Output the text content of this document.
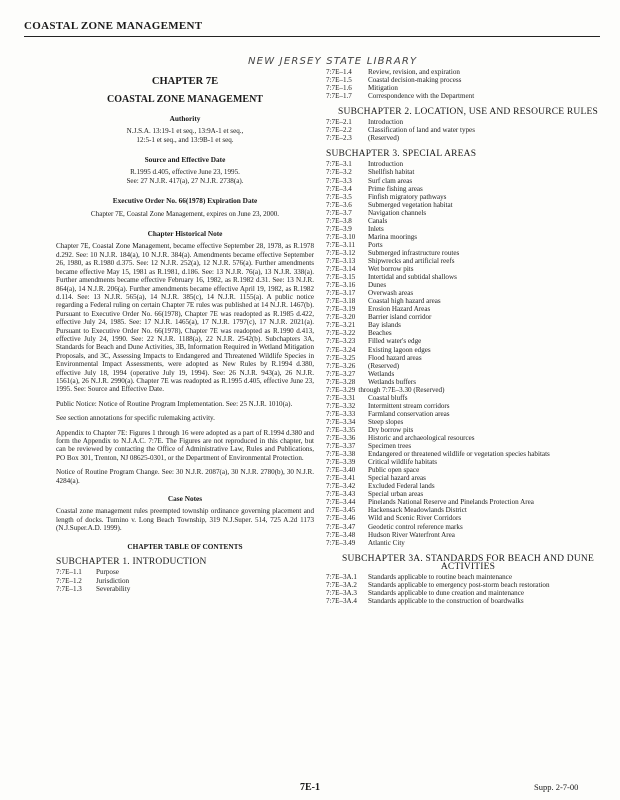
COASTAL ZONE MANAGEMENT
NEW JERSEY STATE LIBRARY
CHAPTER 7E
COASTAL ZONE MANAGEMENT
Authority
N.J.S.A. 13:19-1 et seq., 13:9A-1 et seq.,
12:5-1 et seq., and 13:9B-1 et seq.
Source and Effective Date
R.1995 d.405, effective June 23, 1995.
See: 27 N.J.R. 417(a), 27 N.J.R. 2738(a).
Executive Order No. 66(1978) Expiration Date

Chapter 7E, Coastal Zone Management, expires on June 23, 2000.

Chapter Historical Note

Chapter 7E, Coastal Zone Management, became effective September 28, 1978, as R.1978 d.292. See: 10 N.J.R. 184(a), 10 N.J.R. 384(a). Amendments became effective September 26, 1980, as R.1980 d.375. See: 12 N.J.R. 252(a), 12 N.J.R. 576(a). Further amendments became effective May 15, 1981 as R.1981, d.186. See: 13 N.J.R. 76(a), 13 N.J.R. 338(a). Further amendments became effective February 16, 1982, as R.1982 d.31. See: 13 N.J.R. 864(a), 14 N.J.R. 206(a). Further amendments became effective April 19, 1982, as R.1982 d.114. See: 13 N.J.R. 565(a), 14 N.J.R. 385(c), 14 N.J.R. 1155(a). A public notice regarding a Federal ruling on certain Chapter 7E rules was published at 14 N.J.R. 1467(b). Pursuant to Executive Order No. 66(1978), Chapter 7E was readopted as R.1985 d.422, effective July 24, 1985. See: 17 N.J.R. 1465(a), 17 N.J.R. 1797(c), 17 N.J.R. 2021(a). Pursuant to Executive Order No. 66(1978), Chapter 7E was readopted as R.1990 d.413, effective July 24, 1990. See: 22 N.J.R. 1188(a), 22 N.J.R. 2542(b). Subchapters 3A, Standards for Beach and Dune Activities, 3B, Information Required in Wetland Mitigation Proposals, and 3C, Assessing Impacts to Endangered and Threatened Wildlife Species in Environmental Impact Assessments, were adopted as New Rules by R.1994 d.380, effective July 18, 1994 (operative July 19, 1994). See: 26 N.J.R. 943(a), 26 N.J.R. 1561(a), 26 N.J.R. 2990(a). Chapter 7E was readopted as R.1995 d.405, effective June 23, 1995. See: Source and Effective Date.

Public Notice: Notice of Routine Program Implementation. See: 25 N.J.R. 1010(a).

See section annotations for specific rulemaking activity.

Appendix to Chapter 7E: Figures 1 through 16 were adopted as a part of R.1994 d.380 and form the Appendix to N.J.A.C. 7:7E. The Figures are not reproduced in this chapter, but can be reviewed by contacting the Office of Administrative Law, Rules and Publications, PO Box 301, Trenton, NJ 08625-0301, or the Department of Environmental Protection.

Notice of Routine Program Change. See: 30 N.J.R. 2087(a), 30 N.J.R. 2780(b), 30 N.J.R. 4284(a).

Case Notes

Coastal zone management rules preempted township ordinance governing placement and length of docks. Tumino v. Long Beach Township, 319 N.J.Super. 514, 725 A.2d 1173 (N.J.Super.A.D. 1999).

CHAPTER TABLE OF CONTENTS
SUBCHAPTER 1. INTRODUCTION
7:7E–1.1	Purpose
7:7E–1.2	Jurisdiction
7:7E–1.3	Severability
7:7E–1.4	Review, revision, and expiration
7:7E–1.5	Coastal decision-making process
7:7E–1.6	Mitigation
7:7E–1.7	Correspondence with the Department
SUBCHAPTER 2. LOCATION, USE AND RESOURCE RULES
7:7E–2.1	Introduction
7:7E–2.2	Classification of land and water types
7:7E–2.3	(Reserved)
SUBCHAPTER 3. SPECIAL AREAS
7:7E–3.1	Introduction
7:7E–3.2	Shellfish habitat
7:7E–3.3	Surf clam areas
7:7E–3.4	Prime fishing areas
7:7E–3.5	Finfish migratory pathways
7:7E–3.6	Submerged vegetation habitat
7:7E–3.7	Navigation channels
7:7E–3.8	Canals
7:7E–3.9	Inlets
7:7E–3.10	Marina moorings
7:7E–3.11	Ports
7:7E–3.12	Submerged infrastructure routes
7:7E–3.13	Shipwrecks and artificial reefs
7:7E–3.14	Wet borrow pits
7:7E–3.15	Intertidal and subtidal shallows
7:7E–3.16	Dunes
7:7E–3.17	Overwash areas
7:7E–3.18	Coastal high hazard areas
7:7E–3.19	Erosion Hazard Areas
7:7E–3.20	Barrier island corridor
7:7E–3.21	Bay islands
7:7E–3.22	Beaches
7:7E–3.23	Filled water's edge
7:7E–3.24	Existing lagoon edges
7:7E–3.25	Flood hazard areas
7:7E–3.26	(Reserved)
7:7E–3.27	Wetlands
7:7E–3.28	Wetlands buffers
7:7E–3.29 through 7:7E–3.30 (Reserved)
7:7E–3.31	Coastal bluffs
7:7E–3.32	Intermittent stream corridors
7:7E–3.33	Farmland conservation areas
7:7E–3.34	Steep slopes
7:7E–3.35	Dry borrow pits
7:7E–3.36	Historic and archaeological resources
7:7E–3.37	Specimen trees
7:7E–3.38	Endangered or threatened wildlife or vegetation species habitats
7:7E–3.39	Critical wildlife habitats
7:7E–3.40	Public open space
7:7E–3.41	Special hazard areas
7:7E–3.42	Excluded Federal lands
7:7E–3.43	Special urban areas
7:7E–3.44	Pinelands National Reserve and Pinelands Protection Area
7:7E–3.45	Hackensack Meadowlands District
7:7E–3.46	Wild and Scenic River Corridors
7:7E–3.47	Geodetic control reference marks
7:7E–3.48	Hudson River Waterfront Area
7:7E–3.49	Atlantic City
SUBCHAPTER 3A. STANDARDS FOR BEACH AND DUNE ACTIVITIES
7:7E–3A.1	Standards applicable to routine beach maintenance
7:7E–3A.2	Standards applicable to emergency post-storm beach restoration
7:7E–3A.3	Standards applicable to dune creation and maintenance
7:7E–3A.4	Standards applicable to the construction of boardwalks
7E-1	Supp. 2-7-00
